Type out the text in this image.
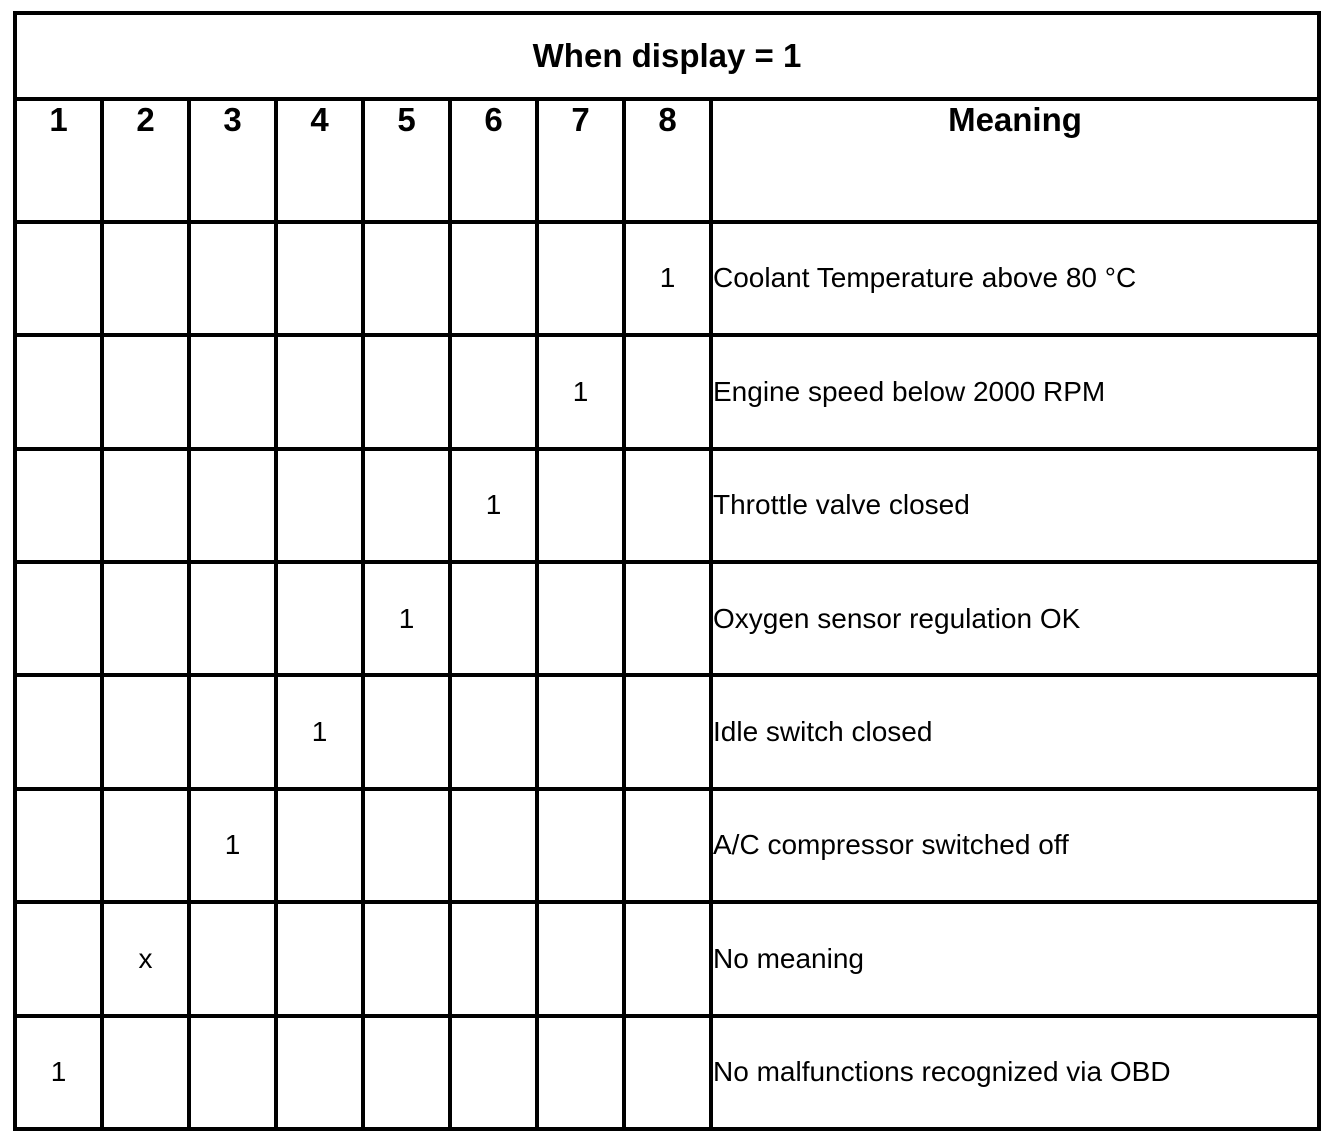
When display = 1								
1	2	3	4	5	6	7	8	Meaning
							1	Coolant Temperature above 80 °C
						1		Engine speed below 2000 RPM
					1			Throttle valve closed
				1				Oxygen sensor regulation OK
			1					Idle switch closed
		1						A/C compressor switched off
	x							No meaning
1								No malfunctions recognized via OBD
